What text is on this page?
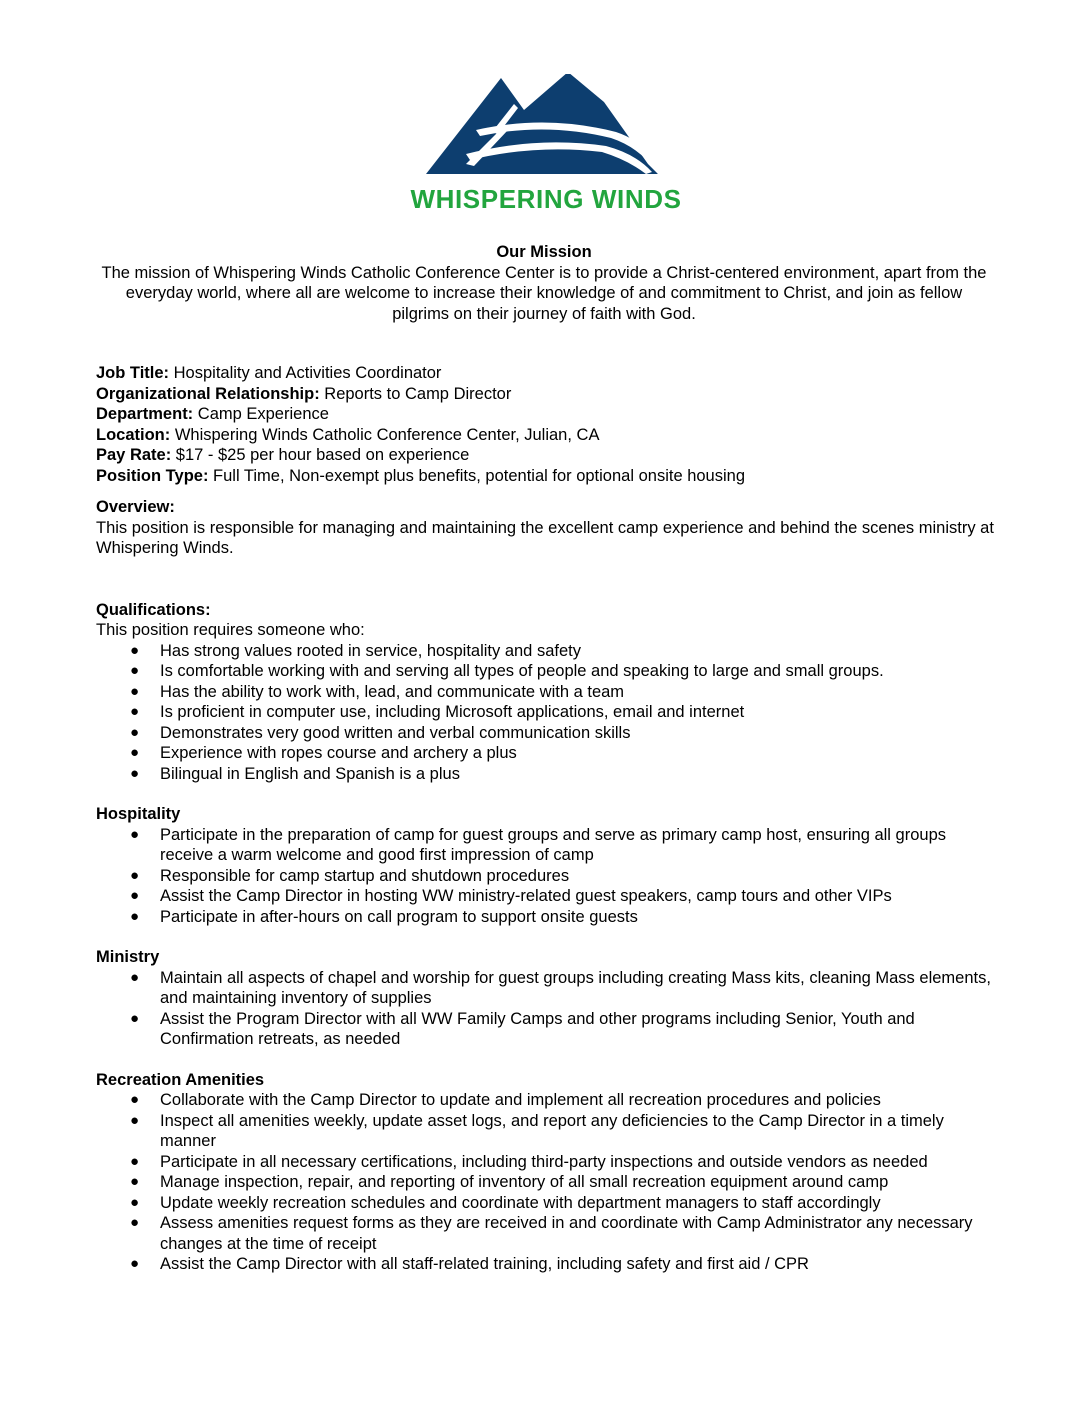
WHISPERING WINDS
Our Mission
The mission of Whispering Winds Catholic Conference Center is to provide a Christ-centered environment, apart from the everyday world, where all are welcome to increase their knowledge of and commitment to Christ, and join as fellow pilgrims on their journey of faith with God.
Job Title: Hospitality and Activities Coordinator
Organizational Relationship: Reports to Camp Director
Department: Camp Experience
Location: Whispering Winds Catholic Conference Center, Julian, CA
Pay Rate: $17 - $25 per hour based on experience
Position Type: Full Time, Non-exempt plus benefits, potential for optional onsite housing
Overview:
This position is responsible for managing and maintaining the excellent camp experience and behind the scenes ministry at Whispering Winds.
Qualifications:
This position requires someone who:
● Has strong values rooted in service, hospitality and safety
● Is comfortable working with and serving all types of people and speaking to large and small groups.
● Has the ability to work with, lead, and communicate with a team
● Is proficient in computer use, including Microsoft applications, email and internet
● Demonstrates very good written and verbal communication skills
● Experience with ropes course and archery a plus
● Bilingual in English and Spanish is a plus
Hospitality
● Participate in the preparation of camp for guest groups and serve as primary camp host, ensuring all groups receive a warm welcome and good first impression of camp
● Responsible for camp startup and shutdown procedures
● Assist the Camp Director in hosting WW ministry-related guest speakers, camp tours and other VIPs
● Participate in after-hours on call program to support onsite guests
Ministry
● Maintain all aspects of chapel and worship for guest groups including creating Mass kits, cleaning Mass elements, and maintaining inventory of supplies
● Assist the Program Director with all WW Family Camps and other programs including Senior, Youth and Confirmation retreats, as needed
Recreation Amenities
● Collaborate with the Camp Director to update and implement all recreation procedures and policies
● Inspect all amenities weekly, update asset logs, and report any deficiencies to the Camp Director in a timely manner
● Participate in all necessary certifications, including third-party inspections and outside vendors as needed
● Manage inspection, repair, and reporting of inventory of all small recreation equipment around camp
● Update weekly recreation schedules and coordinate with department managers to staff accordingly
● Assess amenities request forms as they are received in and coordinate with Camp Administrator any necessary changes at the time of receipt
● Assist the Camp Director with all staff-related training, including safety and first aid / CPR
